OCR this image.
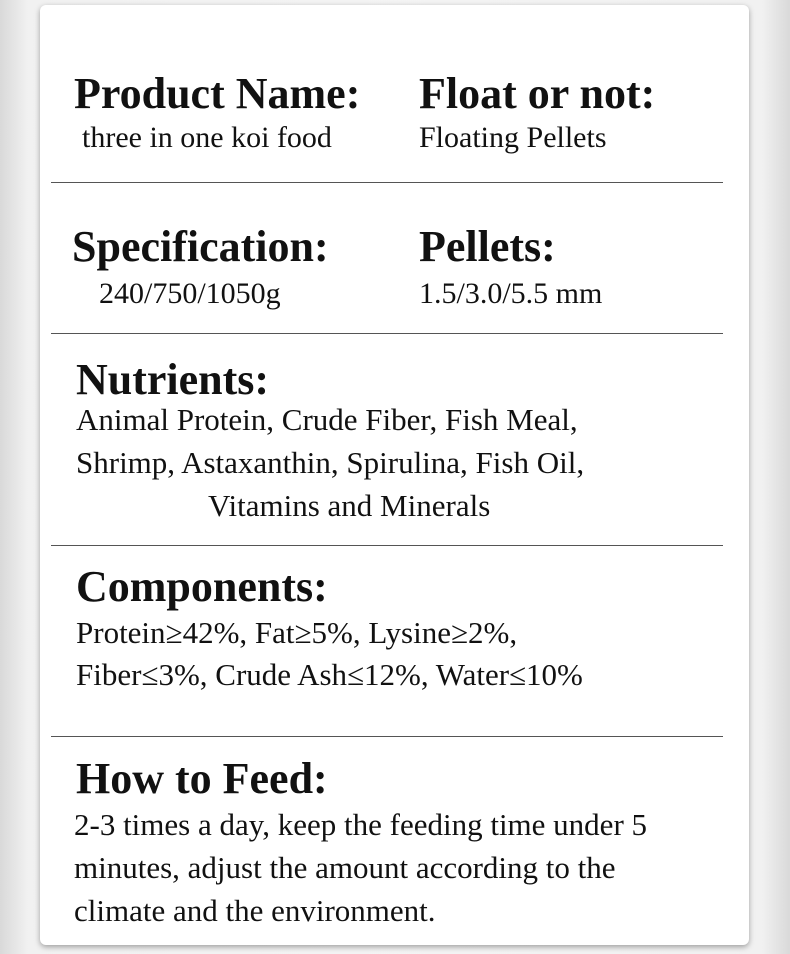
Product Name:
three in one koi food
Float or not:
Floating Pellets
Specification:
240/750/1050g
Pellets:
1.5/3.0/5.5 mm
Nutrients:
Animal Protein, Crude Fiber, Fish Meal,
Shrimp, Astaxanthin, Spirulina, Fish Oil,
Vitamins and Minerals
Components:
Protein≥42%, Fat≥5%, Lysine≥2%,
Fiber≤3%, Crude Ash≤12%, Water≤10%
How to Feed:
2-3 times a day, keep the feeding time under 5
minutes, adjust the amount according to the
climate and the environment.
